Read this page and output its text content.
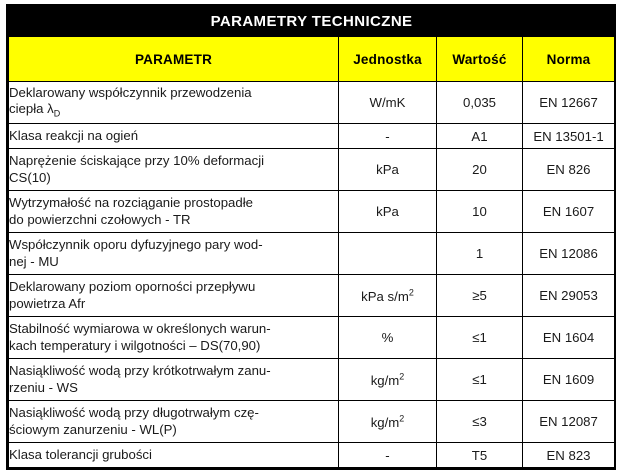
PARAMETRY TECHNICZNE			
PARAMETR	Jednostka	Wartość	Norma

Deklarowany współczynnik przewodzenia
ciepła $\lambda_D$	W/mK	0,035	EN 12667

Klasa reakcji na ogień	-	A1	EN 13501-1

Naprężenie ściskające przy 10% deformacji
CS(10)	kPa	20	EN 826

Wytrzymałość na rozciąganie prostopadłe
do powierzchni czołowych - TR	kPa	10	EN 1607

Współczynnik oporu dyfuzyjnego pary wod-
nej - MU		1	EN 12086

Deklarowany poziom oporności przepływu
powietrza Afr	kPa $s/m^2$	≥5	EN 29053

Stabilność wymiarowa w określonych warun-
kach temperatury i wilgotności – DS(70,90)	%	≤1	EN 1604

Nasiąkliwość wodą przy krótkotrwałym zanu-
rzeniu - WS	$kg/m^2$	≤1	EN 1609

Nasiąkliwość wodą przy długotrwałym czę-
ściowym zanurzeniu - WL(P)	$kg/m^2$	≤3	EN 12087

Klasa tolerancji grubości	-	T5	EN 823
